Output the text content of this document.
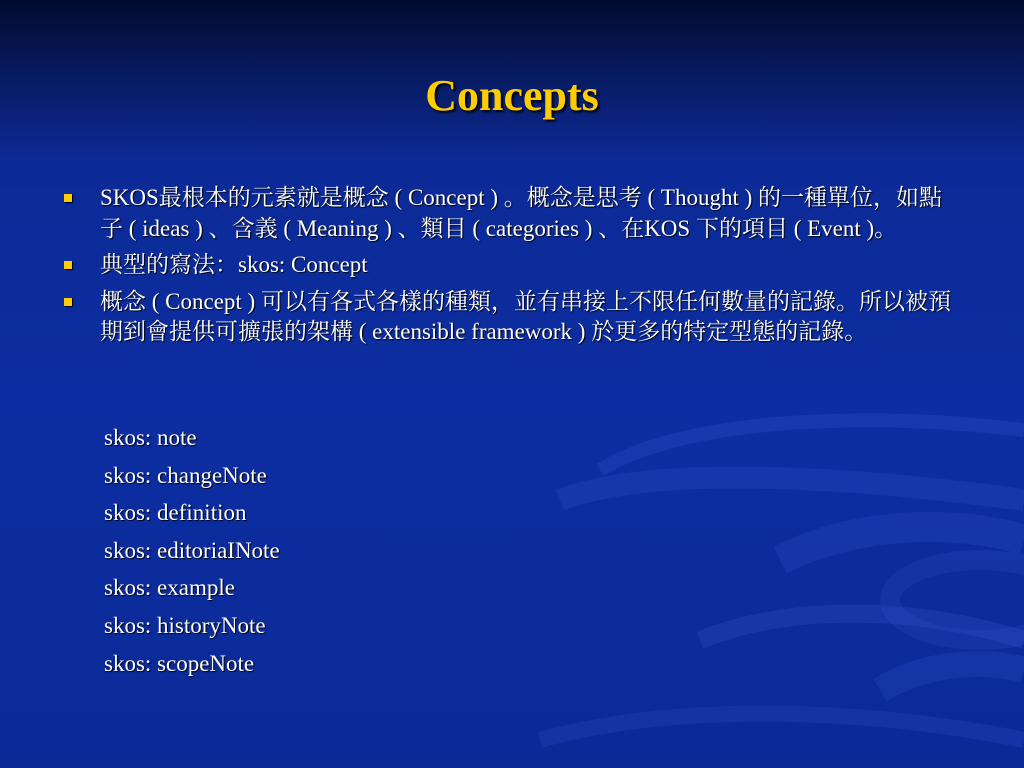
Concepts
SKOS最根本的元素就是概念 ( Concept ) 。概念是思考 ( Thought ) 的一種單位，如點子 ( ideas ) 、含義 ( Meaning ) 、類目 ( categories ) 、在KOS 下的項目 ( Event )。
典型的寫法：skos: Concept
概念 ( Concept ) 可以有各式各樣的種類，並有串接上不限任何數量的記錄。所以被預期到會提供可擴張的架構 ( extensible framework ) 於更多的特定型態的記錄。
skos: note
skos: changeNote
skos: definition
skos: editoriaINote
skos: example
skos: historyNote
skos: scopeNote
